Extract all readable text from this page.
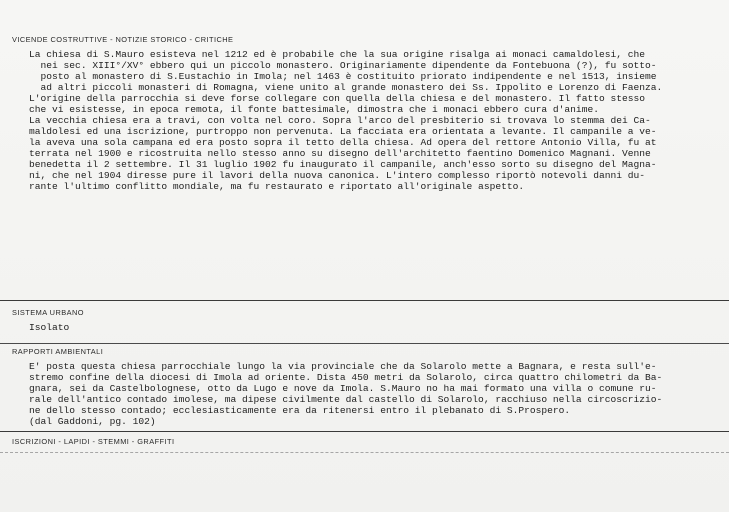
VICENDE COSTRUTTIVE - NOTIZIE STORICO - CRITICHE
La chiesa di S.Mauro esisteva nel 1212 ed è probabile che la sua origine risalga ai monaci camaldolesi, che
nei sec. XIII°/XV° ebbero qui un piccolo monastero. Originariamente dipendente da Fontebuona (?), fu sotto-
posto al monastero di S.Eustachio in Imola; nel 1463 è costituito priorato indipendente e nel 1513, insieme
ad altri piccoli monasteri di Romagna, viene unito al grande monastero dei Ss. Ippolito e Lorenzo di Faenza.
L'origine della parrocchia si deve forse collegare con quella della chiesa e del monastero. Il fatto stesso
che vi esistesse, in epoca remota, il fonte battesimale, dimostra che i monaci ebbero cura d'anime.
La vecchia chiesa era a travi, con volta nel coro. Sopra l'arco del presbiterio si trovava lo stemma dei Ca-
maldolesi ed una iscrizione, purtroppo non pervenuta. La facciata era orientata a levante. Il campanile a ve-
la aveva una sola campana ed era posto sopra il tetto della chiesa. Ad opera del rettore Antonio Villa, fu at
terrata nel 1900 e ricostruita nello stesso anno su disegno dell'architetto faentino Domenico Magnani. Venne
benedetta il 2 settembre. Il 31 luglio 1902 fu inaugurato il campanile, anch'esso sorto su disegno del Magna-
ni, che nel 1904 diresse pure il lavori della nuova canonica. L'intero complesso riportò notevoli danni du-
rante l'ultimo conflitto mondiale, ma fu restaurato e riportato all'originale aspetto.
SISTEMA URBANO
Isolato
RAPPORTI AMBIENTALI
E' posta questa chiesa parrocchiale lungo la via provinciale che da Solarolo mette a Bagnara, e resta sull'e-
stremo confine della diocesi di Imola ad oriente. Dista 450 metri da Solarolo, circa quattro chilometri da Ba-
gnara, sei da Castelbolognese, otto da Lugo e nove da Imola. S.Mauro no ha mai formato una villa o comune ru-
rale dell'antico contado imolese, ma dipese civilmente dal castello di Solarolo, racchiuso nella circoscrizio-
ne dello stesso contado; ecclesiasticamente era da ritenersi entro il plebanato di S.Prospero.
(dal Gaddoni, pg. 102)
ISCRIZIONI - LAPIDI - STEMMI - GRAFFITI
